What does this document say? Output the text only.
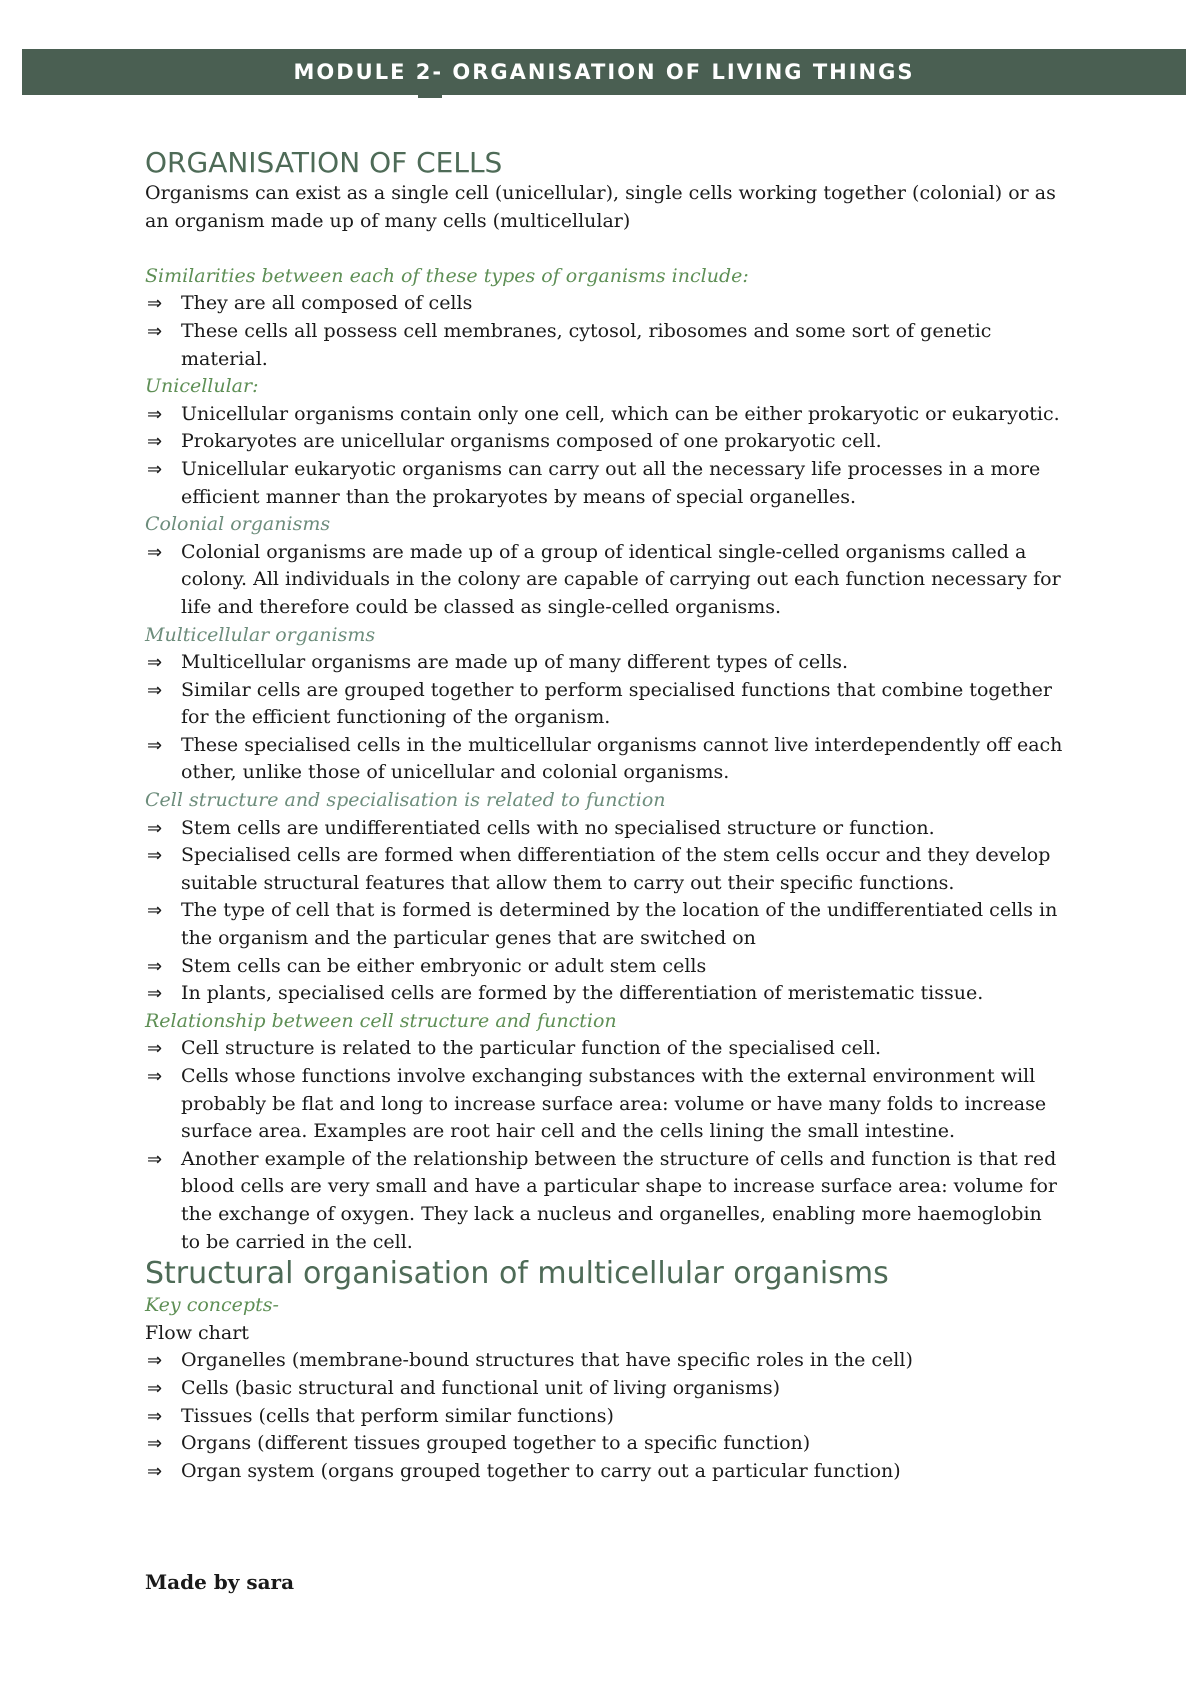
MODULE 2- ORGANISATION OF LIVING THINGS
ORGANISATION OF CELLS

Organisms can exist as a single cell (unicellular), single cells working together (colonial) or as an organism made up of many cells (multicellular)

Similarities between each of these types of organisms include:

⇒ They are all composed of cells
⇒ These cells all possess cell membranes, cytosol, ribosomes and some sort of genetic material.

Unicellular:

⇒ Unicellular organisms contain only one cell, which can be either prokaryotic or eukaryotic.
⇒ Prokaryotes are unicellular organisms composed of one prokaryotic cell.
⇒ Unicellular eukaryotic organisms can carry out all the necessary life processes in a more efficient manner than the prokaryotes by means of special organelles.

Colonial organisms

⇒ Colonial organisms are made up of a group of identical single-celled organisms called a colony. All individuals in the colony are capable of carrying out each function necessary for life and therefore could be classed as single-celled organisms.

Multicellular organisms

⇒ Multicellular organisms are made up of many different types of cells.
⇒ Similar cells are grouped together to perform specialised functions that combine together for the efficient functioning of the organism.
⇒ These specialised cells in the multicellular organisms cannot live interdependently off each other, unlike those of unicellular and colonial organisms.

Cell structure and specialisation is related to function

⇒ Stem cells are undifferentiated cells with no specialised structure or function.
⇒ Specialised cells are formed when differentiation of the stem cells occur and they develop suitable structural features that allow them to carry out their specific functions.
⇒ The type of cell that is formed is determined by the location of the undifferentiated cells in the organism and the particular genes that are switched on
⇒ Stem cells can be either embryonic or adult stem cells
⇒ In plants, specialised cells are formed by the differentiation of meristematic tissue.

Relationship between cell structure and function

⇒ Cell structure is related to the particular function of the specialised cell.
⇒ Cells whose functions involve exchanging substances with the external environment will probably be flat and long to increase surface area: volume or have many folds to increase surface area. Examples are root hair cell and the cells lining the small intestine.
⇒ Another example of the relationship between the structure of cells and function is that red blood cells are very small and have a particular shape to increase surface area: volume for the exchange of oxygen. They lack a nucleus and organelles, enabling more haemoglobin to be carried in the cell.
Structural organisation of multicellular organisms

Key concepts-

Flow chart

⇒ Organelles (membrane-bound structures that have specific roles in the cell)
⇒ Cells (basic structural and functional unit of living organisms)
⇒ Tissues (cells that perform similar functions)
⇒ Organs (different tissues grouped together to a specific function)
⇒ Organ system (organs grouped together to carry out a particular function)
Made by sara
